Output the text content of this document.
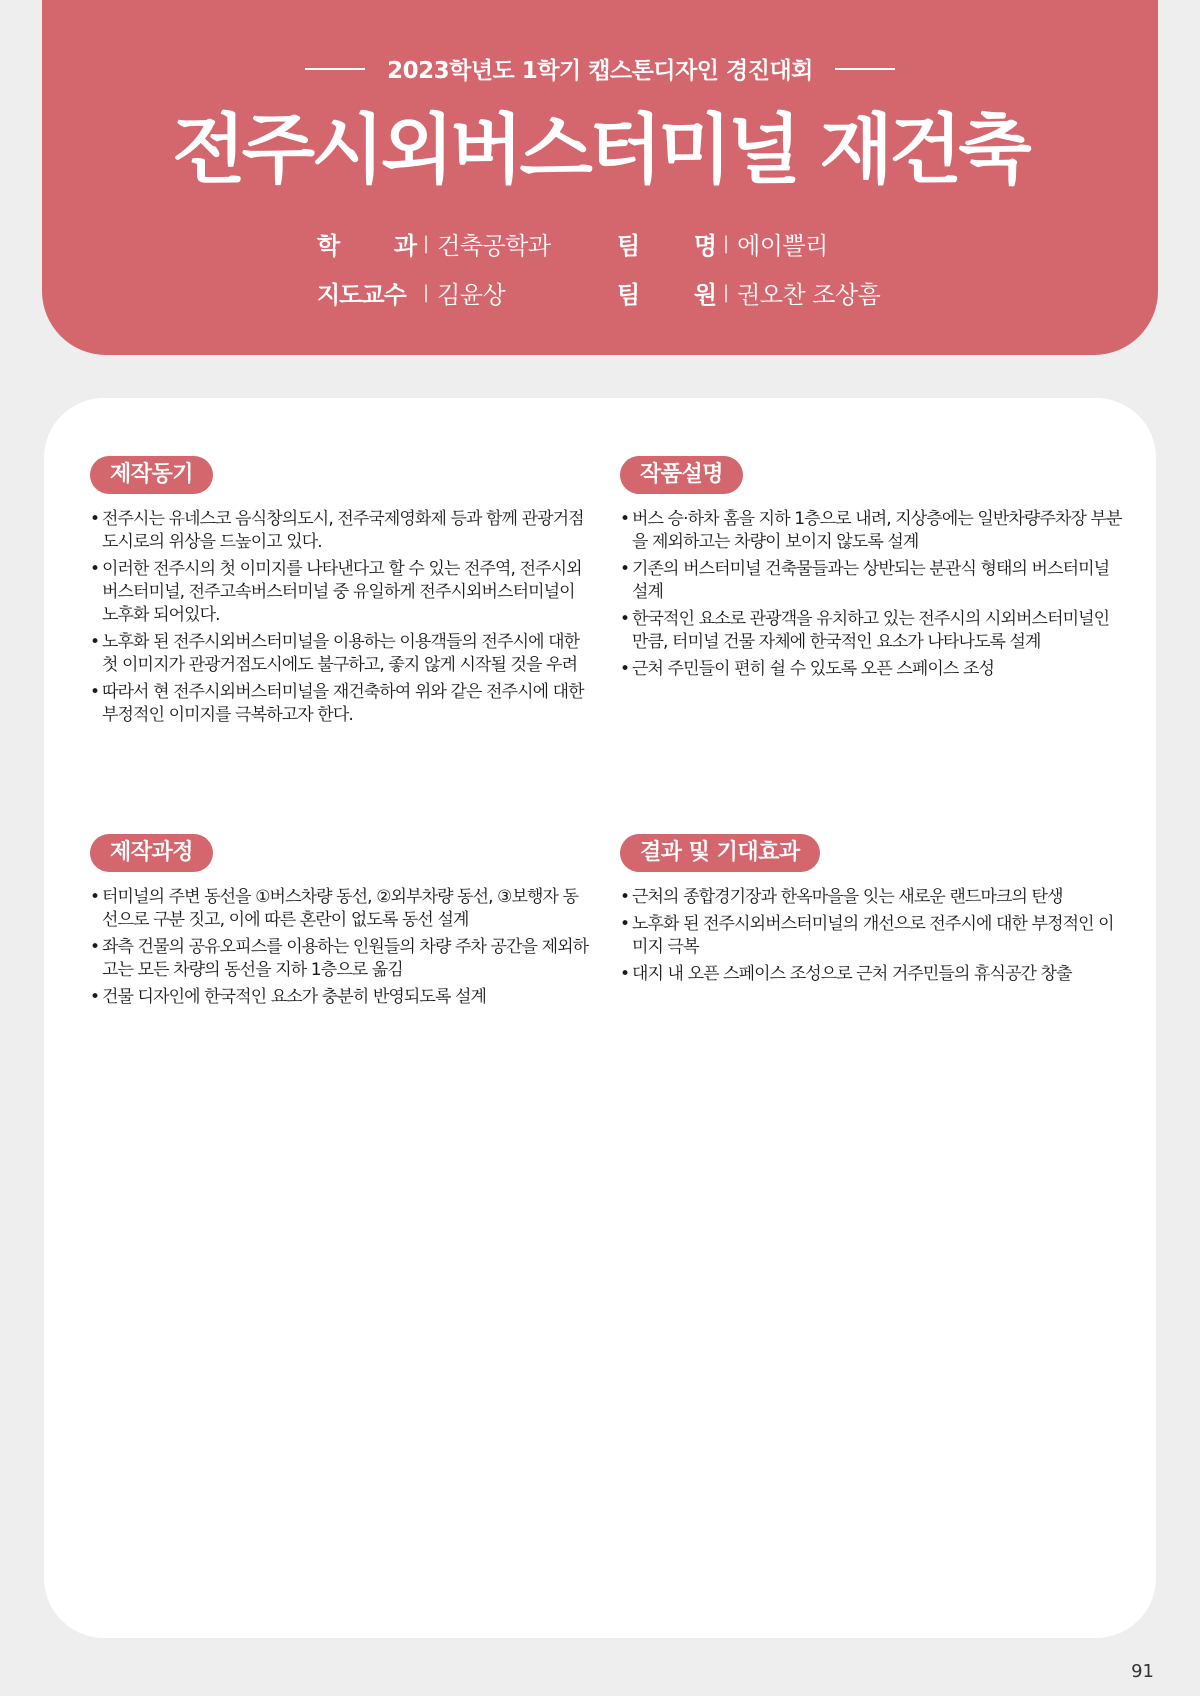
2023학년도 1학기 캡스톤디자인 경진대회
전주시외버스터미널 재건축
학 과 | 건축공학과	팀 명 | 에이쁠리
지도교수 | 김윤상	팀 원 | 권오찬 조상흠
제작동기
• 전주시는 유네스코 음식창의도시, 전주국제영화제 등과 함께 관광거점도시로의 위상을 드높이고 있다.
• 이러한 전주시의 첫 이미지를 나타낸다고 할 수 있는 전주역, 전주시외버스터미널, 전주고속버스터미널 중 유일하게 전주시외버스터미널이 노후화 되어있다.
• 노후화 된 전주시외버스터미널을 이용하는 이용객들의 전주시에 대한 첫 이미지가 관광거점도시에도 불구하고, 좋지 않게 시작될 것을 우려
• 따라서 현 전주시외버스터미널을 재건축하여 위와 같은 전주시에 대한 부정적인 이미지를 극복하고자 한다.
작품설명
• 버스 승·하차 홈을 지하 1층으로 내려, 지상층에는 일반차량주차장 부분을 제외하고는 차량이 보이지 않도록 설계
• 기존의 버스터미널 건축물들과는 상반되는 분관식 형태의 버스터미널 설계
• 한국적인 요소로 관광객을 유치하고 있는 전주시의 시외버스터미널인 만큼, 터미널 건물 자체에 한국적인 요소가 나타나도록 설계
• 근처 주민들이 편히 쉴 수 있도록 오픈 스페이스 조성
제작과정
• 터미널의 주변 동선을 ①버스차량 동선, ②외부차량 동선, ③보행자 동선으로 구분 짓고, 이에 따른 혼란이 없도록 동선 설계
• 좌측 건물의 공유오피스를 이용하는 인원들의 차량 주차 공간을 제외하고는 모든 차량의 동선을 지하 1층으로 옮김
• 건물 디자인에 한국적인 요소가 충분히 반영되도록 설계
결과 및 기대효과
• 근처의 종합경기장과 한옥마을을 잇는 새로운 랜드마크의 탄생
• 노후화 된 전주시외버스터미널의 개선으로 전주시에 대한 부정적인 이미지 극복
• 대지 내 오픈 스페이스 조성으로 근처 거주민들의 휴식공간 창출
91
